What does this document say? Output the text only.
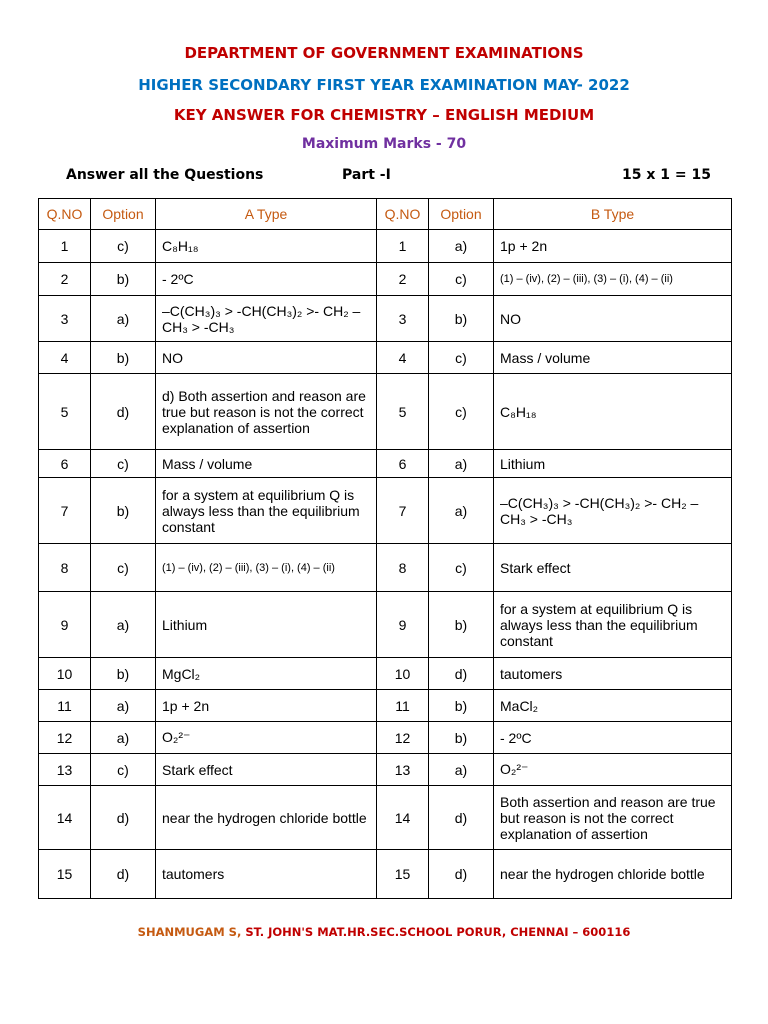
DEPARTMENT OF GOVERNMENT EXAMINATIONS
HIGHER SECONDARY FIRST YEAR EXAMINATION MAY- 2022
KEY ANSWER FOR CHEMISTRY – ENGLISH MEDIUM
Maximum Marks - 70
Answer all the Questions	Part -I	15 x 1 = 15
Q.NO	Option	A Type	Q.NO	Option	B Type
1	c)	C₈H₁₈	1	a)	1p + 2n
2	b)	- 2ºC	2	c)	(1) – (iv), (2) – (iii), (3) – (i), (4) – (ii)
3	a)	–C(CH₃)₃ > -CH(CH₃)₂ >- CH₂ – CH₃ > -CH₃	3	b)	NO
4	b)	NO	4	c)	Mass / volume
5	d)	d) Both assertion and reason are true but reason is not the correct explanation of assertion	5	c)	C₈H₁₈
6	c)	Mass / volume	6	a)	Lithium
7	b)	for a system at equilibrium Q is always less than the equilibrium constant	7	a)	–C(CH₃)₃ > -CH(CH₃)₂ >- CH₂ – CH₃ > -CH₃
8	c)	(1) – (iv), (2) – (iii), (3) – (i), (4) – (ii)	8	c)	Stark effect
9	a)	Lithium	9	b)	for a system at equilibrium Q is always less than the equilibrium constant
10	b)	MgCl₂	10	d)	tautomers
11	a)	1p + 2n	11	b)	MaCl₂
12	a)	O₂²⁻	12	b)	- 2ºC
13	c)	Stark effect	13	a)	O₂²⁻
14	d)	near the hydrogen chloride bottle	14	d)	Both assertion and reason are true but reason is not the correct explanation of assertion
15	d)	tautomers	15	d)	near the hydrogen chloride bottle
SHANMUGAM S, ST. JOHN'S MAT.HR.SEC.SCHOOL PORUR, CHENNAI – 600116
